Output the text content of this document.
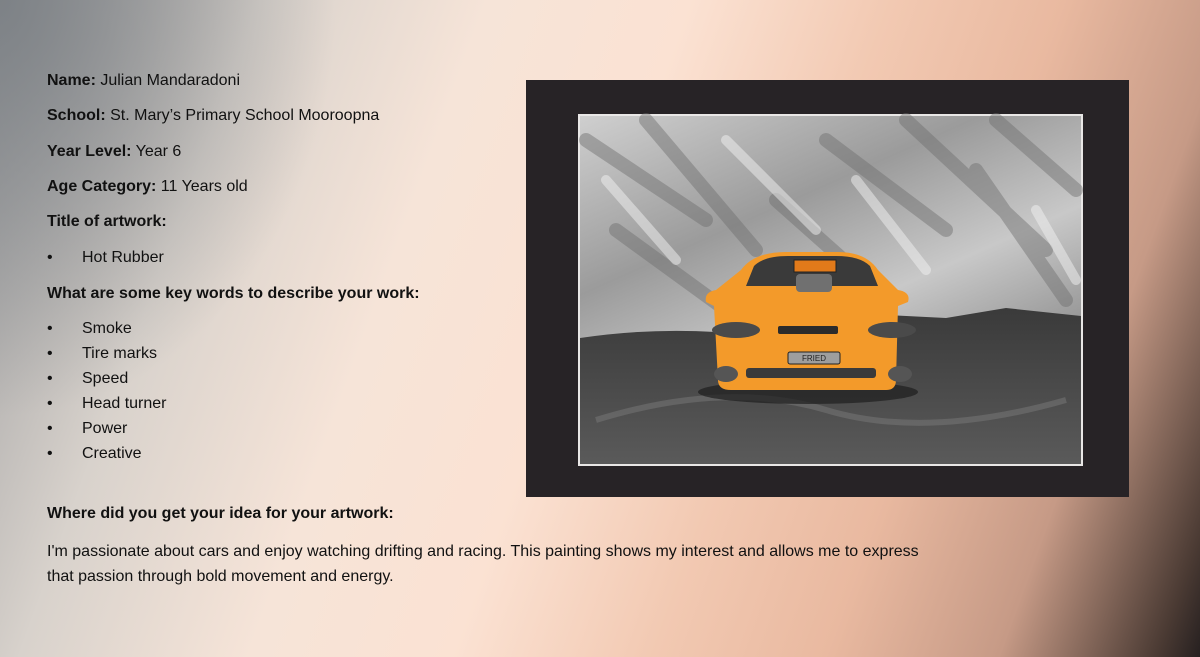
Name: Julian Mandaradoni
School: St. Mary’s Primary School Mooroopna
Year Level: Year 6
Age Category: 11 Years old
Title of artwork:
• Hot Rubber
What are some key words to describe your work:
• Smoke
• Tire marks
• Speed
• Head turner
• Power
• Creative
Where did you get your idea for your artwork:
I'm passionate about cars and enjoy watching drifting and racing. This painting shows my interest and allows me to express that passion through bold movement and energy.
FRIED
